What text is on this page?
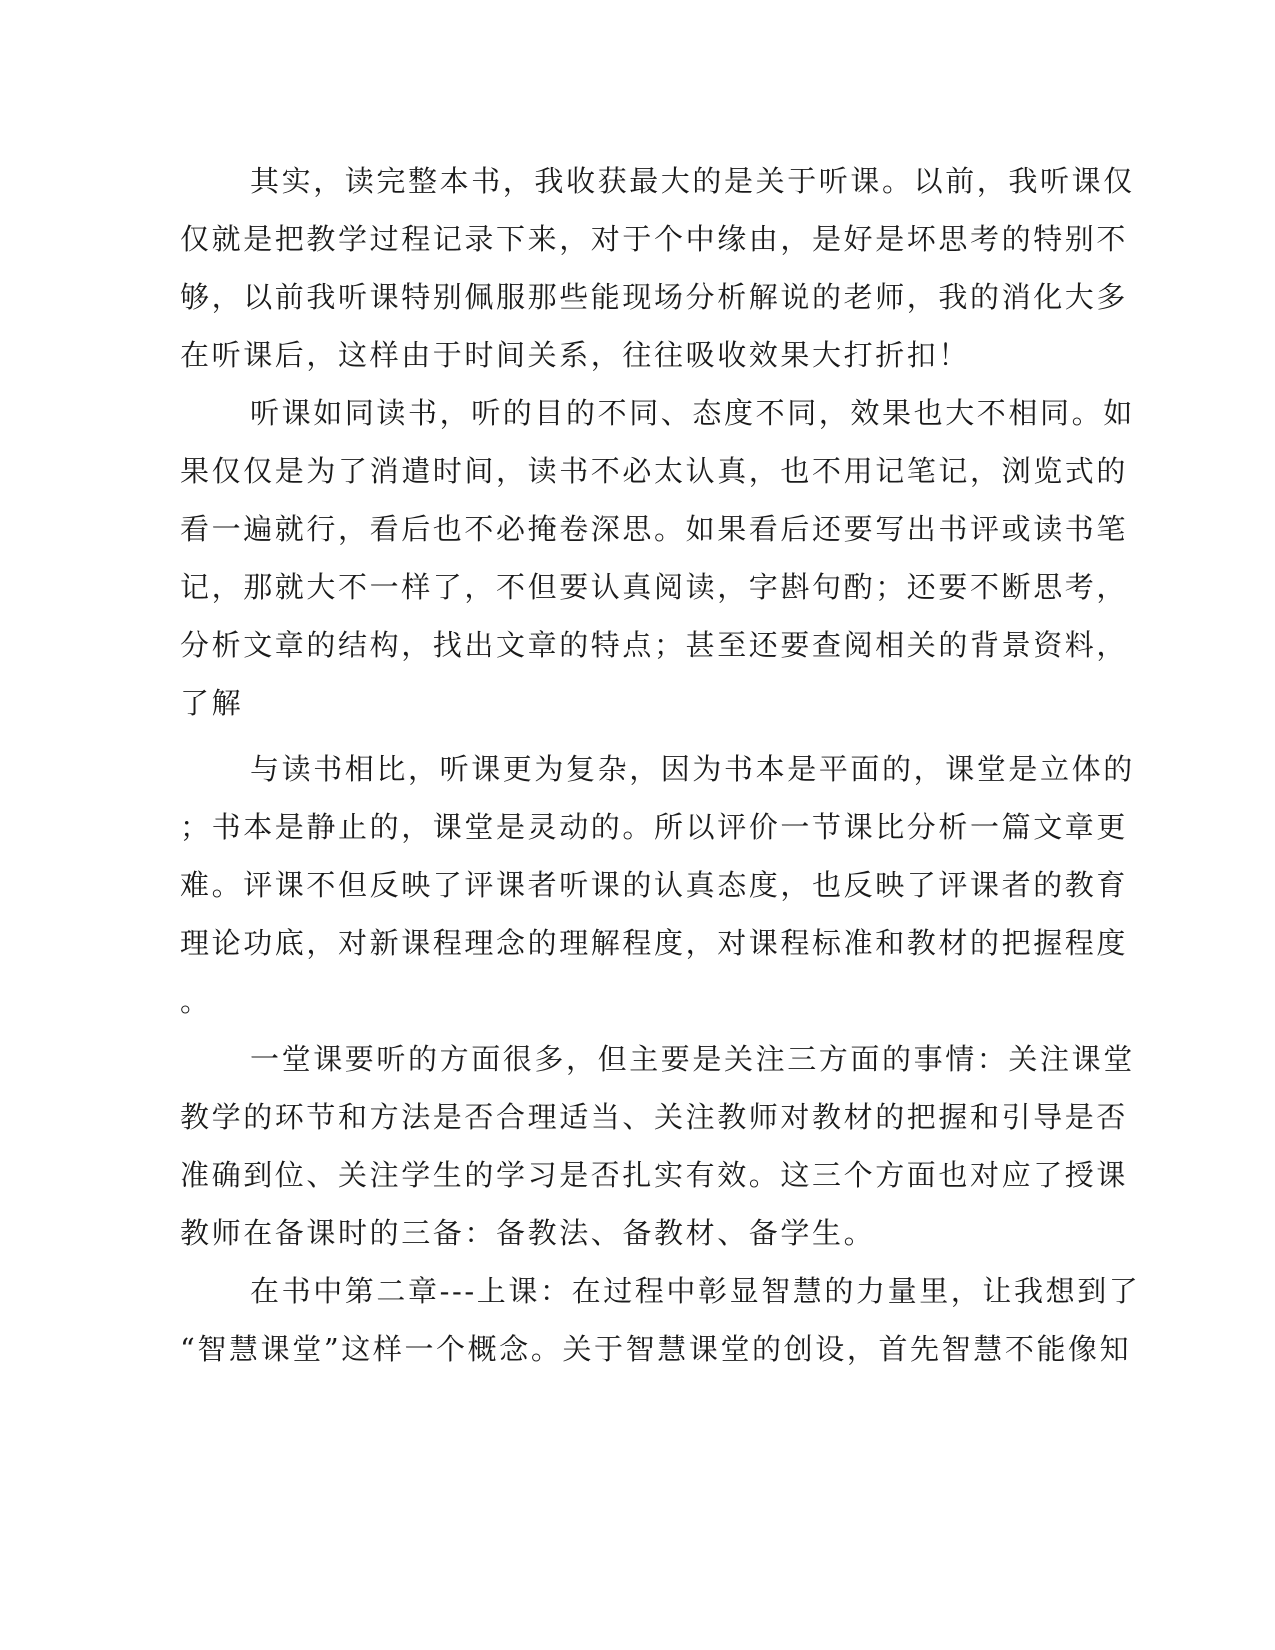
其实，读完整本书，我收获最大的是关于听课。以前，我听课仅

仅就是把教学过程记录下来，对于个中缘由，是好是坏思考的特别不

够，以前我听课特别佩服那些能现场分析解说的老师，我的消化大多

在听课后，这样由于时间关系，往往吸收效果大打折扣！

听课如同读书，听的目的不同、态度不同，效果也大不相同。如

果仅仅是为了消遣时间，读书不必太认真，也不用记笔记，浏览式的

看一遍就行，看后也不必掩卷深思。如果看后还要写出书评或读书笔

记，那就大不一样了，不但要认真阅读，字斟句酌；还要不断思考，

分析文章的结构，找出文章的特点；甚至还要查阅相关的背景资料，

了解

与读书相比，听课更为复杂，因为书本是平面的，课堂是立体的

；书本是静止的，课堂是灵动的。所以评价一节课比分析一篇文章更

难。评课不但反映了评课者听课的认真态度，也反映了评课者的教育

理论功底，对新课程理念的理解程度，对课程标准和教材的把握程度

。

一堂课要听的方面很多，但主要是关注三方面的事情：关注课堂

教学的环节和方法是否合理适当、关注教师对教材的把握和引导是否

准确到位、关注学生的学习是否扎实有效。这三个方面也对应了授课

教师在备课时的三备：备教法、备教材、备学生。

在书中第二章---上课：在过程中彰显智慧的力量里，让我想到了

“智慧课堂”这样一个概念。关于智慧课堂的创设，首先智慧不能像知
